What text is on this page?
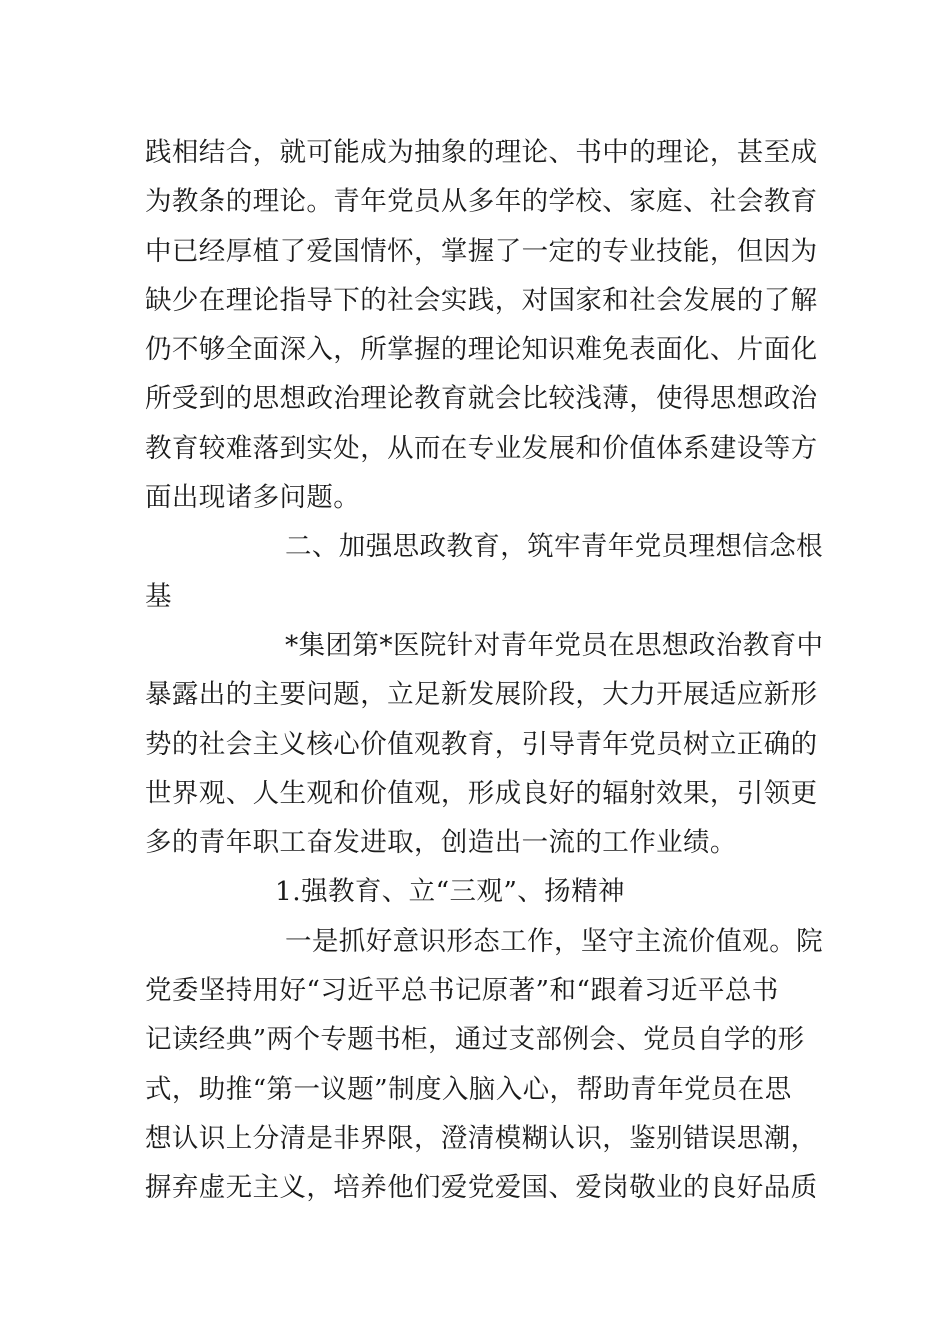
践相结合，就可能成为抽象的理论、书中的理论，甚至成
为教条的理论。青年党员从多年的学校、家庭、社会教育
中已经厚植了爱国情怀，掌握了一定的专业技能，但因为
缺少在理论指导下的社会实践，对国家和社会发展的了解
仍不够全面深入，所掌握的理论知识难免表面化、片面化
所受到的思想政治理论教育就会比较浅薄，使得思想政治
教育较难落到实处，从而在专业发展和价值体系建设等方
面出现诸多问题。
二、加强思政教育，筑牢青年党员理想信念根
基
*集团第*医院针对青年党员在思想政治教育中
暴露出的主要问题，立足新发展阶段，大力开展适应新形
势的社会主义核心价值观教育，引导青年党员树立正确的
世界观、人生观和价值观，形成良好的辐射效果，引领更
多的青年职工奋发进取，创造出一流的工作业绩。
1.强教育、立“三观”、扬精神
一是抓好意识形态工作，坚守主流价值观。院
党委坚持用好“习近平总书记原著”和“跟着习近平总书
记读经典”两个专题书柜，通过支部例会、党员自学的形
式，助推“第一议题”制度入脑入心，帮助青年党员在思
想认识上分清是非界限，澄清模糊认识，鉴别错误思潮，
摒弃虚无主义，培养他们爱党爱国、爱岗敬业的良好品质
